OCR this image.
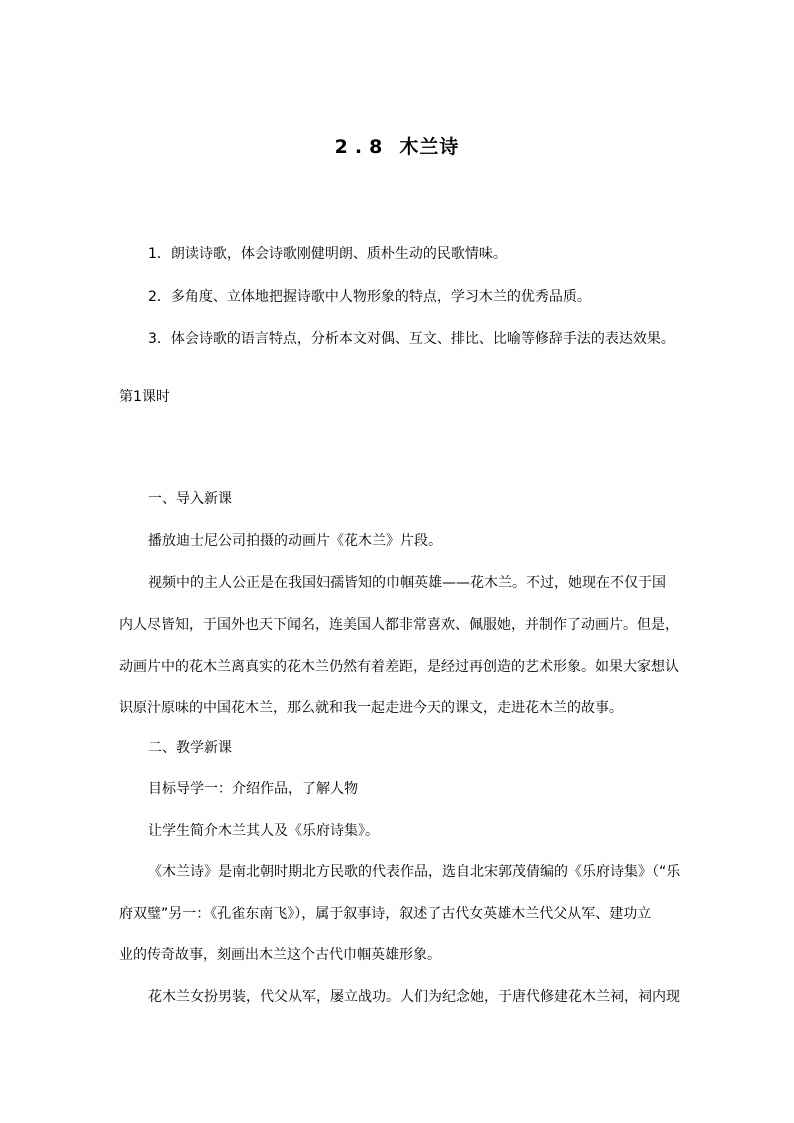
2.8 木兰诗
1．朗读诗歌，体会诗歌刚健明朗、质朴生动的民歌情味。
2．多角度、立体地把握诗歌中人物形象的特点，学习木兰的优秀品质。
3．体会诗歌的语言特点，分析本文对偶、互文、排比、比喻等修辞手法的表达效果。
第1课时
一、导入新课
播放迪士尼公司拍摄的动画片《花木兰》片段。
视频中的主人公正是在我国妇孺皆知的巾帼英雄——花木兰。不过，她现在不仅于国
内人尽皆知，于国外也天下闻名，连美国人都非常喜欢、佩服她，并制作了动画片。但是，
动画片中的花木兰离真实的花木兰仍然有着差距，是经过再创造的艺术形象。如果大家想认
识原汁原味的中国花木兰，那么就和我一起走进今天的课文，走进花木兰的故事。
二、教学新课
目标导学一：介绍作品，了解人物
让学生简介木兰其人及《乐府诗集》。
《木兰诗》是南北朝时期北方民歌的代表作品，选自北宋郭茂倩编的《乐府诗集》（“乐
府双璧”另一：《孔雀东南飞》），属于叙事诗，叙述了古代女英雄木兰代父从军、建功立
业的传奇故事，刻画出木兰这个古代巾帼英雄形象。
花木兰女扮男装，代父从军，屡立战功。人们为纪念她，于唐代修建花木兰祠，祠内现
